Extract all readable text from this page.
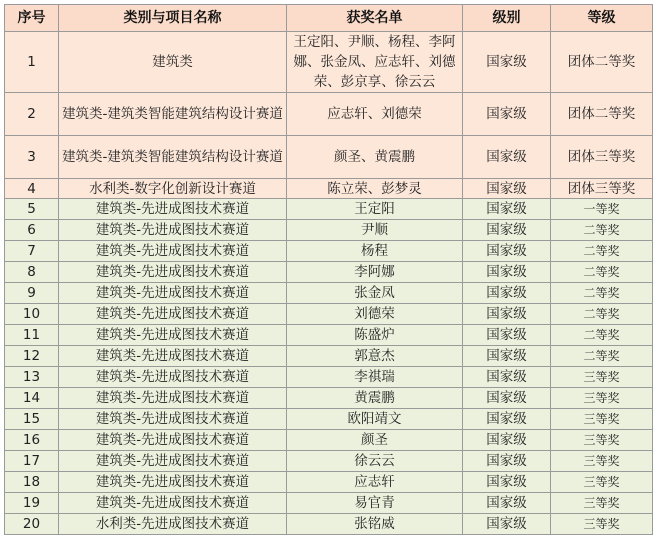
序号	类别与项目名称	获奖名单	级别	等级
1	建筑类	王定阳、尹顺、杨程、李阿娜、张金凤、应志轩、刘德荣、彭京享、徐云云	国家级	团体二等奖
2	建筑类-建筑类智能建筑结构设计赛道	应志轩、刘德荣	国家级	团体二等奖
3	建筑类-建筑类智能建筑结构设计赛道	颜圣、黄震鹏	国家级	团体三等奖
4	水利类-数字化创新设计赛道	陈立荣、彭梦灵	国家级	团体三等奖
5	建筑类-先进成图技术赛道	王定阳	国家级	一等奖
6	建筑类-先进成图技术赛道	尹顺	国家级	二等奖
7	建筑类-先进成图技术赛道	杨程	国家级	二等奖
8	建筑类-先进成图技术赛道	李阿娜	国家级	二等奖
9	建筑类-先进成图技术赛道	张金凤	国家级	二等奖
10	建筑类-先进成图技术赛道	刘德荣	国家级	二等奖
11	建筑类-先进成图技术赛道	陈盛炉	国家级	二等奖
12	建筑类-先进成图技术赛道	郭意杰	国家级	二等奖
13	建筑类-先进成图技术赛道	李祺瑞	国家级	三等奖
14	建筑类-先进成图技术赛道	黄震鹏	国家级	三等奖
15	建筑类-先进成图技术赛道	欧阳靖文	国家级	三等奖
16	建筑类-先进成图技术赛道	颜圣	国家级	三等奖
17	建筑类-先进成图技术赛道	徐云云	国家级	三等奖
18	建筑类-先进成图技术赛道	应志轩	国家级	三等奖
19	建筑类-先进成图技术赛道	易官青	国家级	三等奖
20	水利类-先进成图技术赛道	张铭威	国家级	三等奖
